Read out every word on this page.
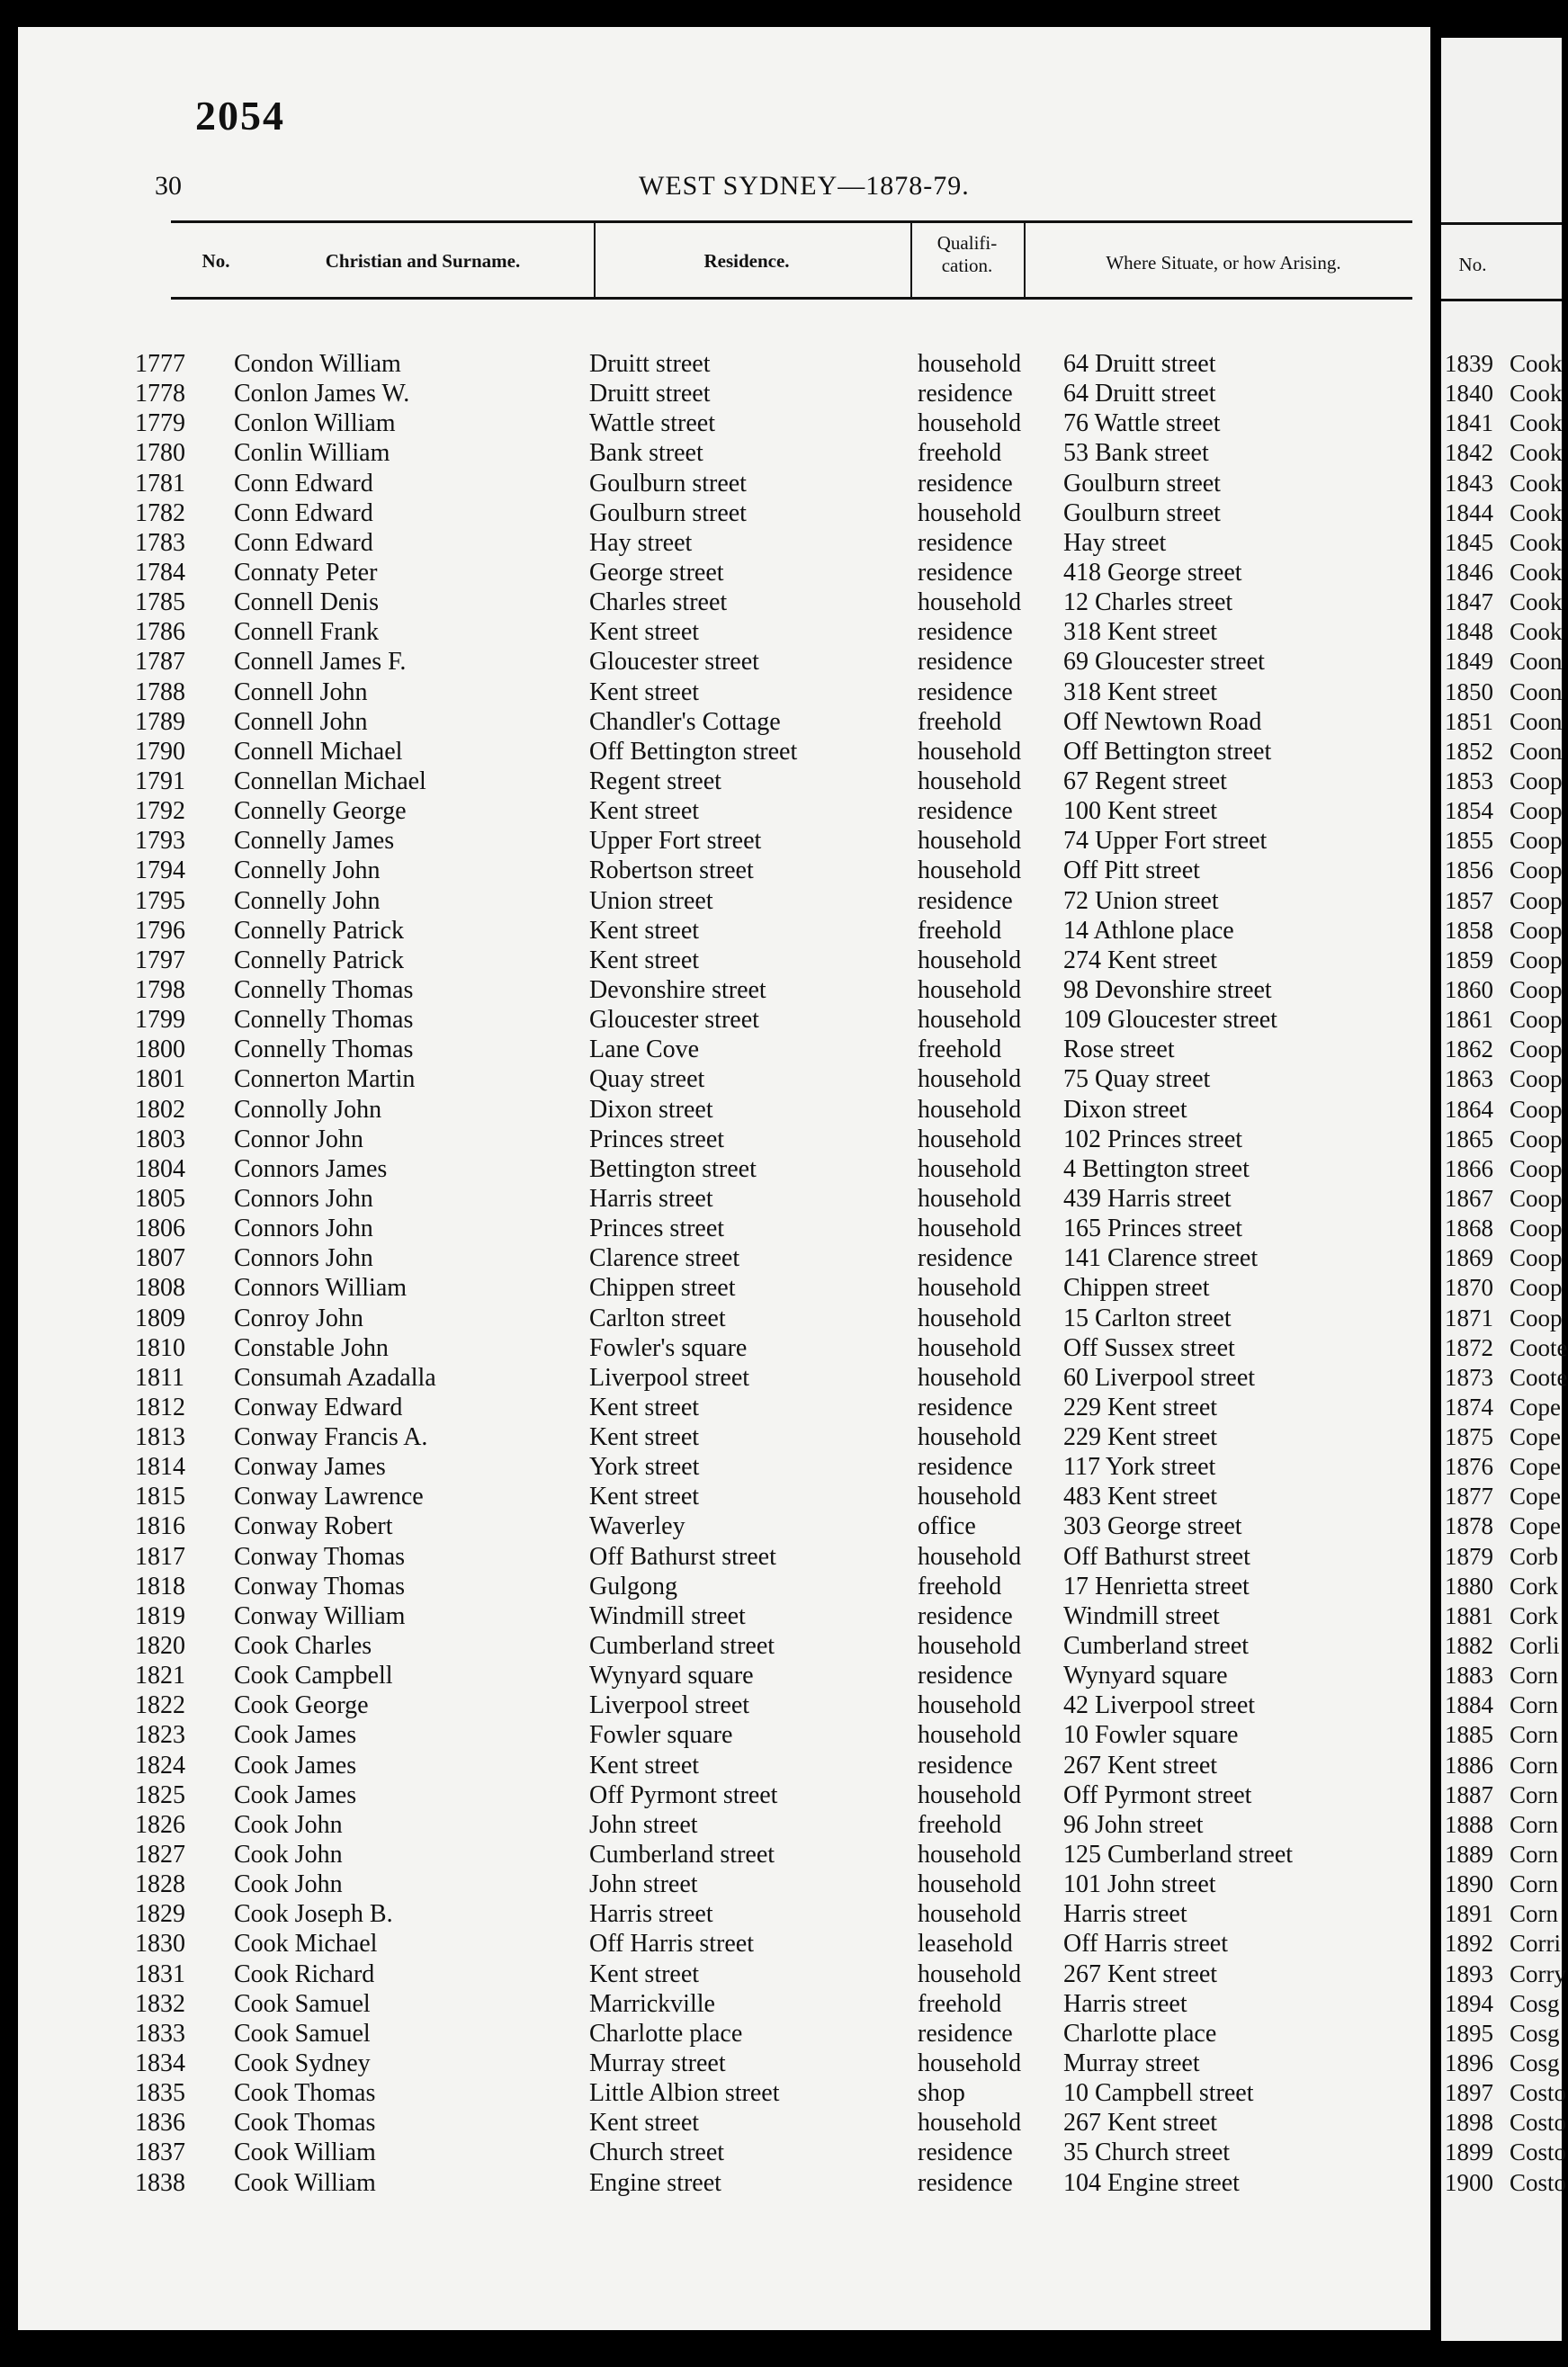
2054
30	WEST SYDNEY—1878-79.
No.	Christian and Surname.	Residence.
Qualifi-
cation.	Where Situate, or how Arising.
1777	Condon William	Druitt street	household 64 Druitt street
1778	Conlon James W.	Druitt street	residence 64 Druitt street
1779	Conlon William	Wattle street	household 76 Wattle street
1780	Conlin William	Bank street	freehold 53 Bank street
1781	Conn Edward	Goulburn street	residence Goulburn street
1782	Conn Edward	Goulburn street	household Goulburn street
1783	Conn Edward	Hay street	residence Hay street
1784	Connaty Peter	George street	residence 418 George street
1785	Connell Denis	Charles street	household 12 Charles street
1786	Connell Frank	Kent street	residence 318 Kent street
1787	Connell James F.	Gloucester street	residence 69 Gloucester street
1788	Connell John	Kent street	residence 318 Kent street
1789	Connell John	Chandler's Cottage	freehold Off Newtown Road
1790	Connell Michael	Off Bettington street	household Off Bettington street
1791	Connellan Michael	Regent street	household 67 Regent street
1792	Connelly George	Kent street	residence 100 Kent street
1793	Connelly James	Upper Fort street	household 74 Upper Fort street
1794	Connelly John	Robertson street	household Off Pitt street
1795	Connelly John	Union street	residence 72 Union street
1796	Connelly Patrick	Kent street	freehold 14 Athlone place
1797	Connelly Patrick	Kent street	household 274 Kent street
1798	Connelly Thomas	Devonshire street	household 98 Devonshire street
1799	Connelly Thomas	Gloucester street	household 109 Gloucester street
1800	Connelly Thomas	Lane Cove	freehold Rose street
1801	Connerton Martin	Quay street	household 75 Quay street
1802	Connolly John	Dixon street	household Dixon street
1803	Connor John	Princes street	household 102 Princes street
1804	Connors James	Bettington street	household 4 Bettington street
1805	Connors John	Harris street	household 439 Harris street
1806	Connors John	Princes street	household 165 Princes street
1807	Connors John	Clarence street	residence 141 Clarence street
1808	Connors William	Chippen street	household Chippen street
1809	Conroy John	Carlton street	household 15 Carlton street
1810	Constable John	Fowler's square	household Off Sussex street
1811	Consumah Azadalla	Liverpool street	household 60 Liverpool street
1812	Conway Edward	Kent street	residence 229 Kent street
1813	Conway Francis A.	Kent street	household 229 Kent street
1814	Conway James	York street	residence 117 York street
1815	Conway Lawrence	Kent street	household 483 Kent street
1816	Conway Robert	Waverley	office	303 George street
1817	Conway Thomas	Off Bathurst street	household Off Bathurst street
1818	Conway Thomas	Gulgong	freehold 17 Henrietta street
1819	Conway William	Windmill street	residence Windmill street
1820	Cook Charles	Cumberland street	household Cumberland street
1821	Cook Campbell	Wynyard square	residence Wynyard square
1822	Cook George	Liverpool street	household 42 Liverpool street
1823	Cook James	Fowler square	household 10 Fowler square
1824	Cook James	Kent street	residence 267 Kent street
1825	Cook James	Off Pyrmont street	household Off Pyrmont street
1826	Cook John	John street	freehold 96 John street
1827	Cook John	Cumberland street	household 125 Cumberland street
1828	Cook John	John street	household 101 John street
1829	Cook Joseph B.	Harris street	household Harris street
1830	Cook Michael	Off Harris street	leasehold Off Harris street
1831	Cook Richard	Kent street	household 267 Kent street
1832	Cook Samuel	Marrickville	freehold Harris street
1833	Cook Samuel	Charlotte place	residence Charlotte place
1834	Cook Sydney	Murray street	household Murray street
1835	Cook Thomas	Little Albion street	shop	10 Campbell street
1836	Cook Thomas	Kent street	household 267 Kent street
1837	Cook William	Church street	residence 35 Church street
1838	Cook William	Engine street	residence 104 Engine street
No.
1839 Cook
1840 Cook
1841 Cook
1842 Cook
1843 Cook
1844 Cook
1845 Cook
1846 Cook
1847 Cook
1848 Cook
1849 Coon
1850 Coon
1851 Coon
1852 Coon
1853 Coop
1854 Coop
1855 Coop
1856 Coop
1857 Coop
1858 Coop
1859 Coop
1860 Coop
1861 Coop
1862 Coop
1863 Coop
1864 Coop
1865 Coop
1866 Coop
1867 Coop
1868 Coop
1869 Coop
1870 Coop
1871 Coop
1872 Coote
1873 Coote
1874 Cope
1875 Cope
1876 Cope
1877 Cope
1878 Cope
1879 Corb
1880 Cork
1881 Cork
1882 Corli
1883 Corn
1884 Corn
1885 Corn
1886 Corn
1887 Corn
1888 Corn
1889 Corn
1890 Corn
1891 Corn
1892 Corri
1893 Corry
1894 Cosg
1895 Cosg
1896 Cosg
1897 Costo
1898 Costo
1899 Costo
1900 Costo
